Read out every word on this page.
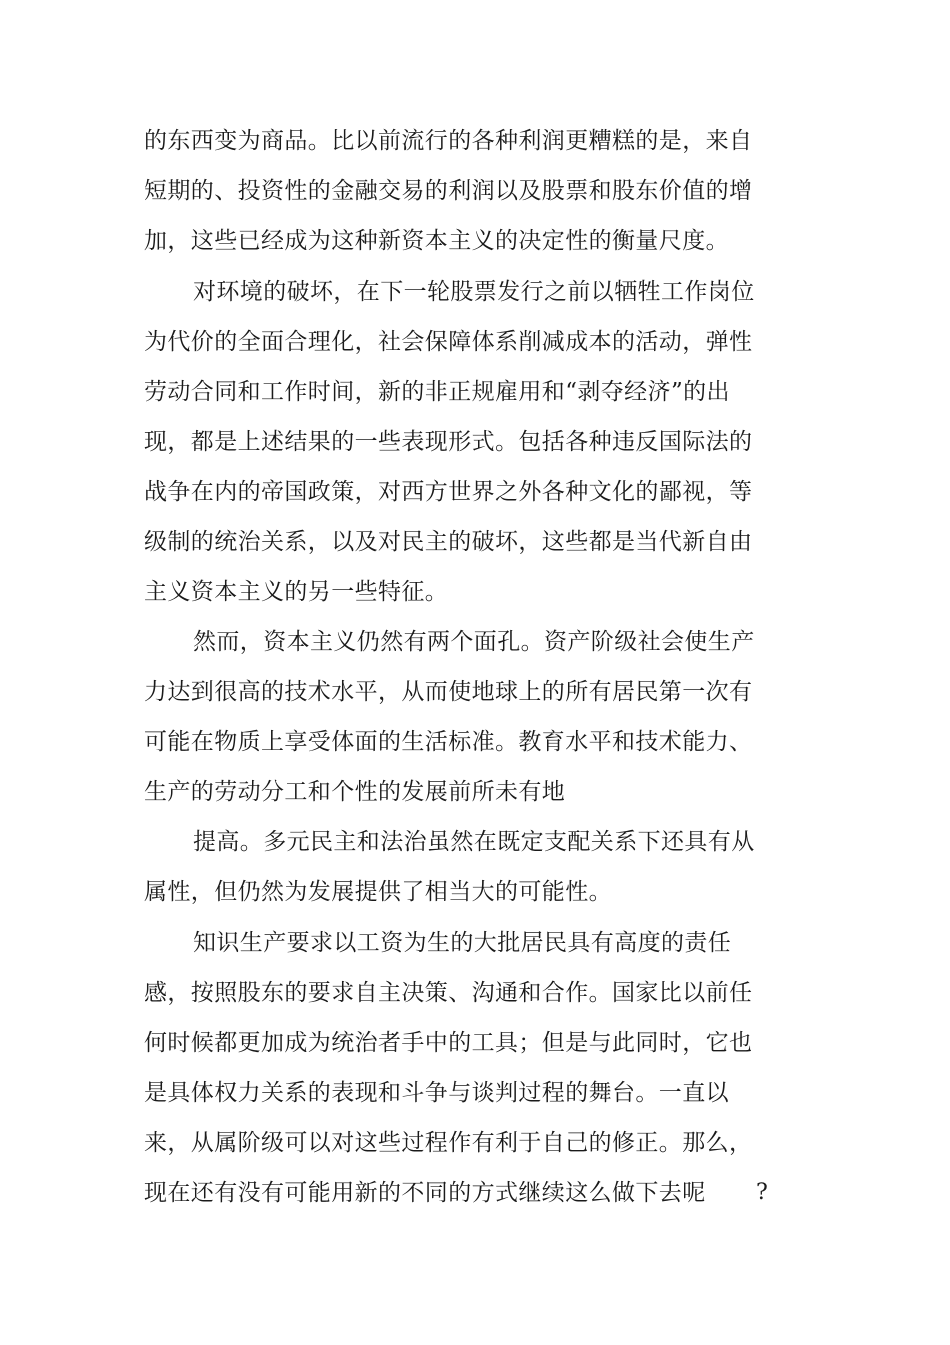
的东西变为商品。比以前流行的各种利润更糟糕的是，来自

短期的、投资性的金融交易的利润以及股票和股东价值的增

加，这些已经成为这种新资本主义的决定性的衡量尺度。

对环境的破坏，在下一轮股票发行之前以牺牲工作岗位

为代价的全面合理化，社会保障体系削减成本的活动，弹性

劳动合同和工作时间，新的非正规雇用和“剥夺经济”的出

现，都是上述结果的一些表现形式。包括各种违反国际法的

战争在内的帝国政策，对西方世界之外各种文化的鄙视，等

级制的统治关系，以及对民主的破坏，这些都是当代新自由

主义资本主义的另一些特征。

然而，资本主义仍然有两个面孔。资产阶级社会使生产

力达到很高的技术水平，从而使地球上的所有居民第一次有

可能在物质上享受体面的生活标准。教育水平和技术能力、

生产的劳动分工和个性的发展前所未有地

提高。多元民主和法治虽然在既定支配关系下还具有从

属性，但仍然为发展提供了相当大的可能性。

知识生产要求以工资为生的大批居民具有高度的责任

感，按照股东的要求自主决策、沟通和合作。国家比以前任

何时候都更加成为统治者手中的工具；但是与此同时，它也

是具体权力关系的表现和斗争与谈判过程的舞台。一直以

来，从属阶级可以对这些过程作有利于自己的修正。那么，

现在还有没有可能用新的不同的方式继续这么做下去呢 ?
